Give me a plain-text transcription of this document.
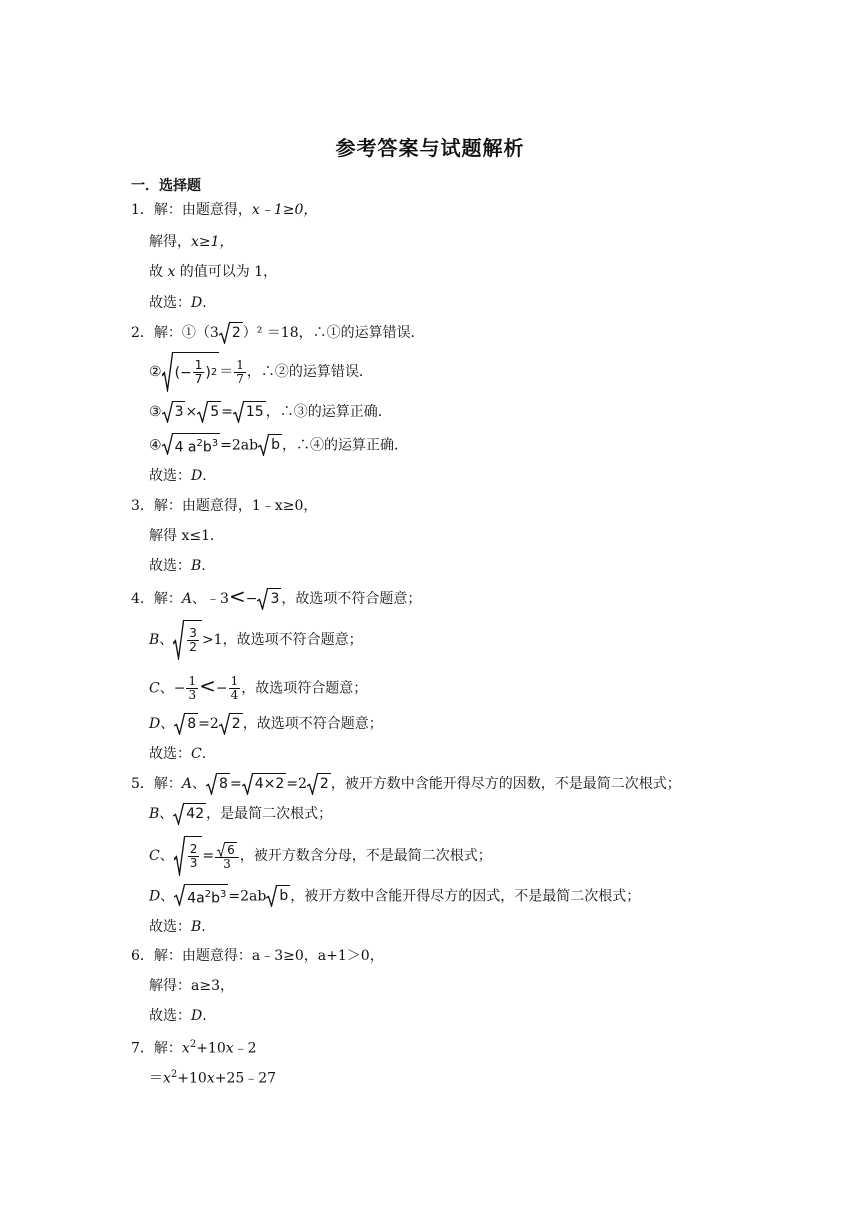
参考答案与试题解析
一．选择题
1．解：由题意得，x﹣1≥0，
解得，x≥1，
故 x 的值可以为 1，
故选：D.
2．解：①（3 2 ）² ＝18，∴①的运算错误．
② (− $\frac{1}{7}$ ) $2 = \frac{1}{7}$ ，∴②的运算错误．
③ 3 × 5 = 15 ，∴③的运算正确．
④ 4 $a^2b^3 =2ab$ b ，∴④的运算正确．
故选：D.
3．解：由题意得，1﹣x≥0，
解得 x≤1．
故选：B.
4．解：A、﹣3<− 3 ，故选项不符合题意；
B、 $\frac{3}{2} >1$，故选项不符合题意；
C、− $\frac{1}{3} <- \frac{1}{4}$ ，故选项符合题意；
D、 8 =2 2 ，故选项不符合题意；
故选：C.
5．解：A、 8 = 4×2 =2 2 ，被开方数中含能开得尽方的因数，不是最简二次根式；
B、 42 ，是最简二次根式；
C、 $\frac{2}{3} = \frac{6}{3}$ ，被开方数含分母，不是最简二次根式；
D、 $4a^2b^3 =2ab$ b ，被开方数中含能开得尽方的因式，不是最简二次根式；
故选：B.
6．解：由题意得：a﹣3≥0，a+1＞0，
解得：a≥3，
故选：D.
7．解：$x^2+10x﹣2$
$=x^2+10x+25﹣27$
